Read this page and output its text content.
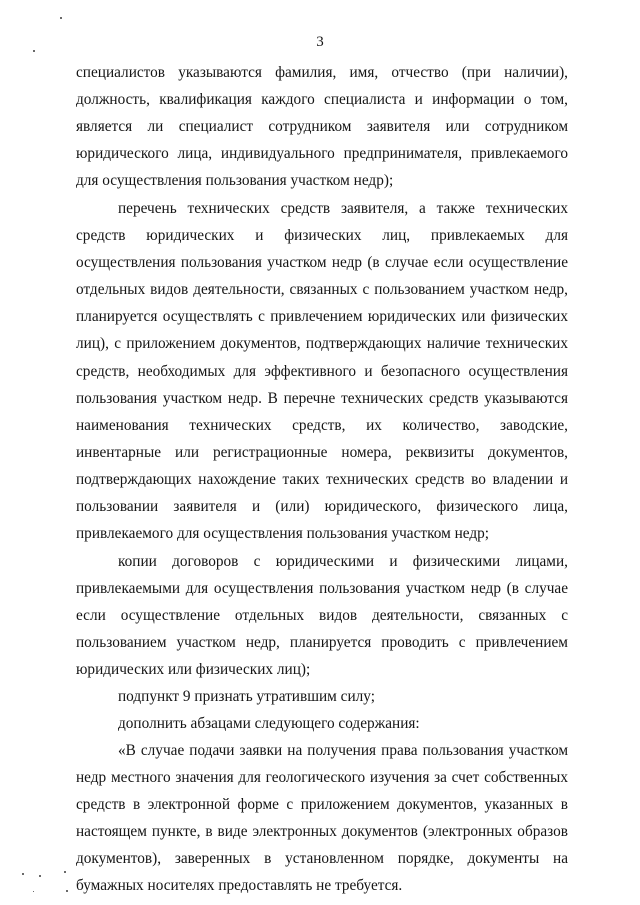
3

специалистов указываются фамилия, имя, отчество (при наличии), должность, квалификация каждого специалиста и информации о том, является ли специалист сотрудником заявителя или сотрудником юридического лица, индивидуального предпринимателя, привлекаемого для осуществления пользования участком недр);

перечень технических средств заявителя, а также технических средств юридических и физических лиц, привлекаемых для осуществления пользования участком недр (в случае если осуществление отдельных видов деятельности, связанных с пользованием участком недр, планируется осуществлять с привлечением юридических или физических лиц), с приложением документов, подтверждающих наличие технических средств, необходимых для эффективного и безопасного осуществления пользования участком недр. В перечне технических средств указываются наименования технических средств, их количество, заводские, инвентарные или регистрационные номера, реквизиты документов, подтверждающих нахождение таких технических средств во владении и пользовании заявителя и (или) юридического, физического лица, привлекаемого для осуществления пользования участком недр;

копии договоров с юридическими и физическими лицами, привлекаемыми для осуществления пользования участком недр (в случае если осуществление отдельных видов деятельности, связанных с пользованием участком недр, планируется проводить с привлечением юридических или физических лиц);

подпункт 9 признать утратившим силу;

дополнить абзацами следующего содержания:

«В случае подачи заявки на получения права пользования участком недр местного значения для геологического изучения за счет собственных средств в электронной форме с приложением документов, указанных в настоящем пункте, в виде электронных документов (электронных образов документов), заверенных в установленном порядке, документы на бумажных носителях предоставлять не требуется.
